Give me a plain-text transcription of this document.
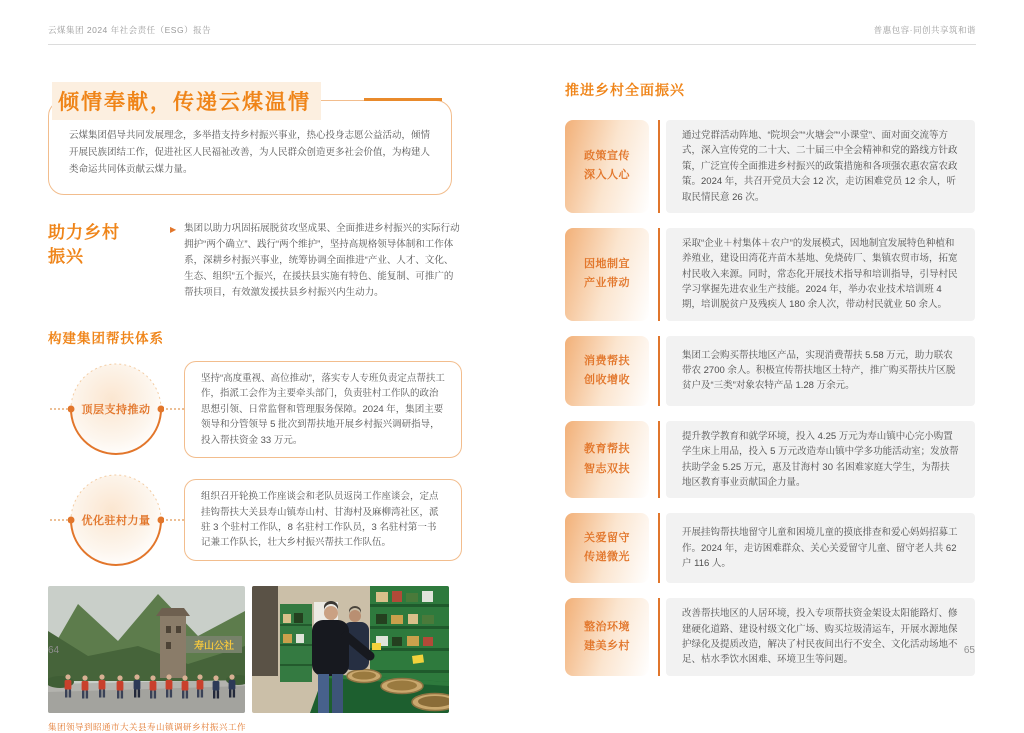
云煤集团 2024 年社会责任（ESG）报告	普惠包容·同创共享筑和谐
倾情奉献，传递云煤温情
云煤集团倡导共同发展理念，多举措支持乡村振兴事业，热心投身志愿公益活动，倾情开展民族团结工作，促进社区人民福祉改善，为人民群众创造更多社会价值，为构建人类命运共同体贡献云煤力量。
助力乡村
振兴
▶ 集团以助力巩固拓展脱贫攻坚成果、全面推进乡村振兴的实际行动拥护“两个确立”、践行“两个维护”，坚持高规格领导体制和工作体系，深耕乡村振兴事业，统筹协调全面推进“产业、人才、文化、生态、组织”五个振兴，在援扶县实施有特色、能复制、可推广的帮扶项目，有效激发援扶县乡村振兴内生动力。

构建集团帮扶体系
顶层支持推动
坚持“高度重视、高位推动”，落实专人专班负责定点帮扶工作，指派工会作为主要牵头部门，负责驻村工作队的政治思想引领、日常监督和管理服务保障。2024 年，集团主要领导和分管领导 5 批次到帮扶地开展乡村振兴调研指导，投入帮扶资金 33 万元。
优化驻村力量
组织召开轮换工作座谈会和老队员返岗工作座谈会，定点挂钩帮扶大关县寿山镇寿山村、甘海村及麻柳湾社区，派驻 3 个驻村工作队，8 名驻村工作队员，3 名驻村第一书记兼工作队长，壮大乡村振兴帮扶工作队伍。
寿山公社
集团领导到昭通市大关县寿山镇调研乡村振兴工作
推进乡村全面振兴
政策宣传
深入人心

通过党群活动阵地、“院坝会”“火塘会”“小课堂”、面对面交流等方式，深入宣传党的二十大、二十届三中全会精神和党的路线方针政策，广泛宣传全面推进乡村振兴的政策措施和各项强农惠农富农政策。2024 年，共召开党员大会 12 次，走访困难党员 12 余人，听取民情民意 26 次。

因地制宜
产业带动

采取“企业＋村集体＋农户”的发展模式，因地制宜发展特色种植和养殖业，建设田湾花卉苗木基地、免烧砖厂、集镇农贸市场，拓宽村民收入来源。同时，常态化开展技术指导和培训指导，引导村民学习掌握先进农业生产技能。2024 年，举办农业技术培训班 4 期，培训脱贫户及残疾人 180 余人次，带动村民就业 50 余人。

消费帮扶
创收增收

集团工会购买帮扶地区产品，实现消费帮扶 5.58 万元，助力联农带农 2700 余人。积极宣传帮扶地区土特产，推广购买帮扶片区脱贫户及“三类”对象农特产品 1.28 万余元。

教育帮扶
智志双扶

提升教学教育和就学环境，投入 4.25 万元为寿山镇中心完小购置学生床上用品，投入 5 万元改造寿山镇中学多功能活动室；发放帮扶助学金 5.25 万元，惠及甘海村 30 名困难家庭大学生，为帮扶地区教育事业贡献国企力量。

关爱留守
传递微光

开展挂钩帮扶地留守儿童和困境儿童的摸底排查和爱心妈妈招募工作。2024 年，走访困难群众、关心关爱留守儿童、留守老人共 62 户 116 人。

整治环境
建美乡村

改善帮扶地区的人居环境，投入专项帮扶资金架设太阳能路灯、修建硬化道路、建设村级文化广场、购买垃圾清运车，开展水源地保护绿化及提质改造，解决了村民夜间出行不安全、文化活动场地不足、枯水季饮水困难、环境卫生等问题。

64	65
